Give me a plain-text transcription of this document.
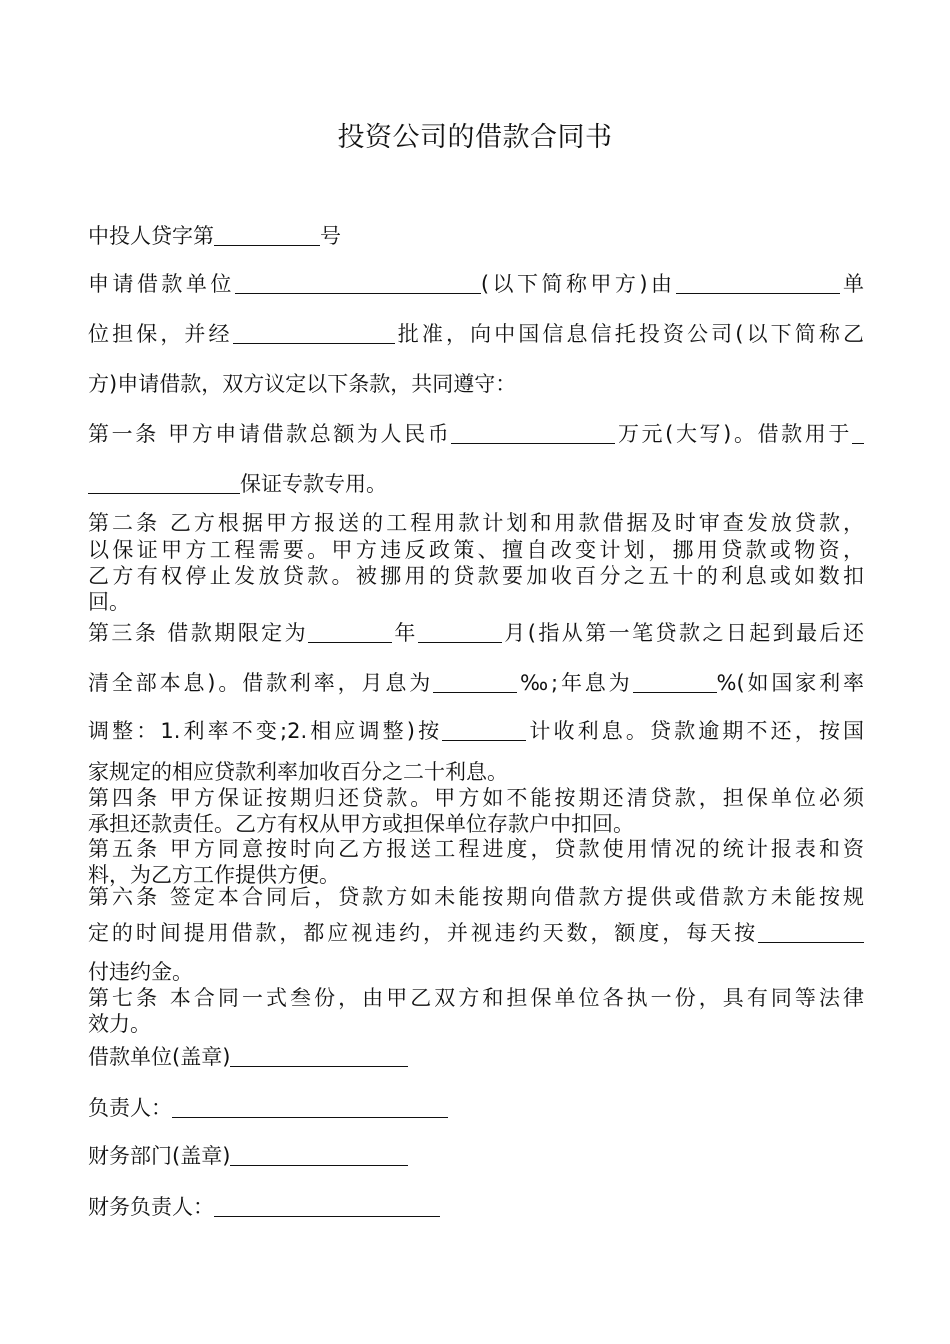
投资公司的借款合同书
中投人贷字第	号
申请借款单位	(以下简称甲方)由	单
位担保，并经	批准，向中国信息信托投资公司(以下简称乙
方)申请借款，双方议定以下条款，共同遵守：
第一条 甲方申请借款总额为人民币	万元(大写)。借款用于
保证专款专用。
第二条 乙方根据甲方报送的工程用款计划和用款借据及时审查发放贷款，
以保证甲方工程需要。甲方违反政策、擅自改变计划，挪用贷款或物资，
乙方有权停止发放贷款。被挪用的贷款要加收百分之五十的利息或如数扣
回。
第三条 借款期限定为	年	月(指从第一笔贷款之日起到最后还
清全部本息)。借款利率，月息为	‰;年息为	%(如国家利率
调整：1.利率不变;2.相应调整)按	计收利息。贷款逾期不还，按国
家规定的相应贷款利率加收百分之二十利息。
第四条 甲方保证按期归还贷款。甲方如不能按期还清贷款，担保单位必须
承担还款责任。乙方有权从甲方或担保单位存款户中扣回。
第五条 甲方同意按时向乙方报送工程进度，贷款使用情况的统计报表和资
料，为乙方工作提供方便。
第六条 签定本合同后，贷款方如未能按期向借款方提供或借款方未能按规
定的时间提用借款，都应视违约，并视违约天数，额度，每天按
付违约金。
第七条 本合同一式叁份，由甲乙双方和担保单位各执一份，具有同等法律
效力。
借款单位(盖章)
负责人：
财务部门(盖章)
财务负责人：
